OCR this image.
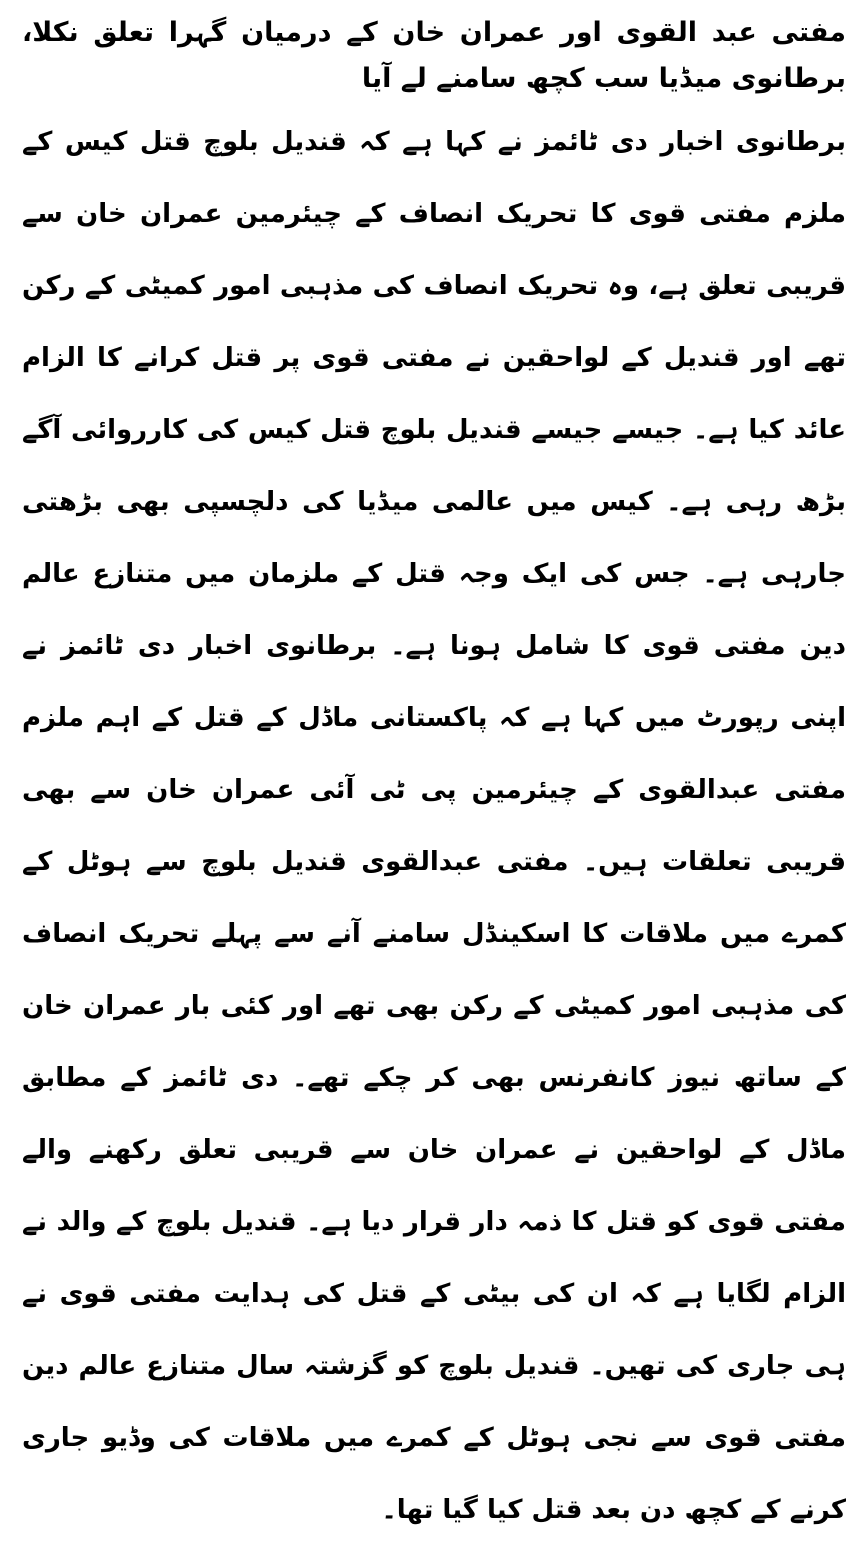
مفتی عبد القوی اور عمران خان کے درمیان گہرا تعلق نکلا، برطانوی میڈیا سب کچھ سامنے لے آیا

برطانوی اخبار دی ٹائمز نے کہا ہے کہ قندیل بلوچ قتل کیس کے ملزم مفتی قوی کا تحریک انصاف کے چیئرمین عمران خان سے قریبی تعلق ہے، وہ تحریک انصاف کی مذہبی امور کمیٹی کے رکن تھے اور قندیل کے لواحقین نے مفتی قوی پر قتل کرانے کا الزام عائد کیا ہے۔ جیسے جیسے قندیل بلوچ قتل کیس کی کارروائی آگے بڑھ رہی ہے۔ کیس میں عالمی میڈیا کی دلچسپی بھی بڑھتی جارہی ہے۔ جس کی ایک وجہ قتل کے ملزمان میں متنازع عالم دین مفتی قوی کا شامل ہونا ہے۔ برطانوی اخبار دی ٹائمز نے اپنی رپورٹ میں کہا ہے کہ پاکستانی ماڈل کے قتل کے اہم ملزم مفتی عبدالقوی کے چیئرمین پی ٹی آئی عمران خان سے بھی قریبی تعلقات ہیں۔ مفتی عبدالقوی قندیل بلوچ سے ہوٹل کے کمرے میں ملاقات کا اسکینڈل سامنے آنے سے پہلے تحریک انصاف کی مذہبی امور کمیٹی کے رکن بھی تھے اور کئی بار عمران خان کے ساتھ نیوز کانفرنس بھی کر چکے تھے۔ دی ٹائمز کے مطابق ماڈل کے لواحقین نے عمران خان سے قریبی تعلق رکھنے والے مفتی قوی کو قتل کا ذمہ دار قرار دیا ہے۔ قندیل بلوچ کے والد نے الزام لگایا ہے کہ ان کی بیٹی کے قتل کی ہدایت مفتی قوی نے ہی جاری کی تھیں۔ قندیل بلوچ کو گزشتہ سال متنازع عالم دین مفتی قوی سے نجی ہوٹل کے کمرے میں ملاقات کی وڈیو جاری کرنے کے کچھ دن بعد قتل کیا گیا تھا۔
